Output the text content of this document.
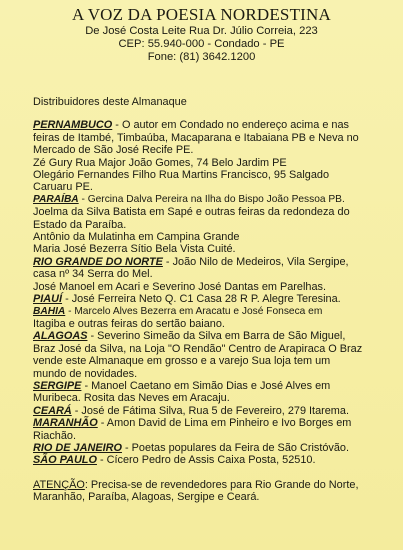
A VOZ DA POESIA NORDESTINA
De José Costa Leite Rua Dr. Júlio Correia, 223
CEP: 55.940-000 - Condado - PE
Fone: (81) 3642.1200
Distribuidores deste Almanaque
PERNAMBUCO - O autor em Condado no endereço acima e nas
feiras de Itambé, Timbaúba, Macaparana e Itabaiana PB e Neva no
Mercado de São José Recife PE.
Zé Gury Rua Major João Gomes, 74 Belo Jardim PE
Olegário Fernandes Filho Rua Martins Francisco, 95 Salgado
Caruaru PE.
PARAÍBA - Gercina Dalva Pereira na Ilha do Bispo João Pessoa PB.
Joelma da Silva Batista em Sapé e outras feiras da redondeza do
Estado da Paraíba.
Antônio da Mulatinha em Campina Grande
Maria José Bezerra Sítio Bela Vista Cuité.
RIO GRANDE DO NORTE - João Nilo de Medeiros, Vila Sergipe,
casa nº 34 Serra do Mel.
José Manoel em Acari e Severino José Dantas em Parelhas.
PIAUÍ - José Ferreira Neto Q. C1 Casa 28 R P. Alegre Teresina.
BAHIA - Marcelo Alves Bezerra em Aracatu e José Fonseca em
Itagiba e outras feiras do sertão baiano.
ALAGOAS - Severino Simeão da Silva em Barra de São Miguel,
Braz José da Silva, na Loja "O Rendão" Centro de Arapiraca O Braz
vende este Almanaque em grosso e a varejo Sua loja tem um
mundo de novidades.
SERGIPE - Manoel Caetano em Simão Dias e José Alves em
Muribeca. Rosita das Neves em Aracaju.
CEARÁ - José de Fátima Silva, Rua 5 de Fevereiro, 279 Itarema.
MARANHÃO - Amon David de Lima em Pinheiro e Ivo Borges em
Riachão.
RIO DE JANEIRO - Poetas populares da Feira de São Cristóvão.
SÃO PAULO - Cícero Pedro de Assis Caixa Posta, 52510.
ATENÇÃO: Precisa-se de revendedores para Rio Grande do Norte,
Maranhão, Paraíba, Alagoas, Sergipe e Ceará.
